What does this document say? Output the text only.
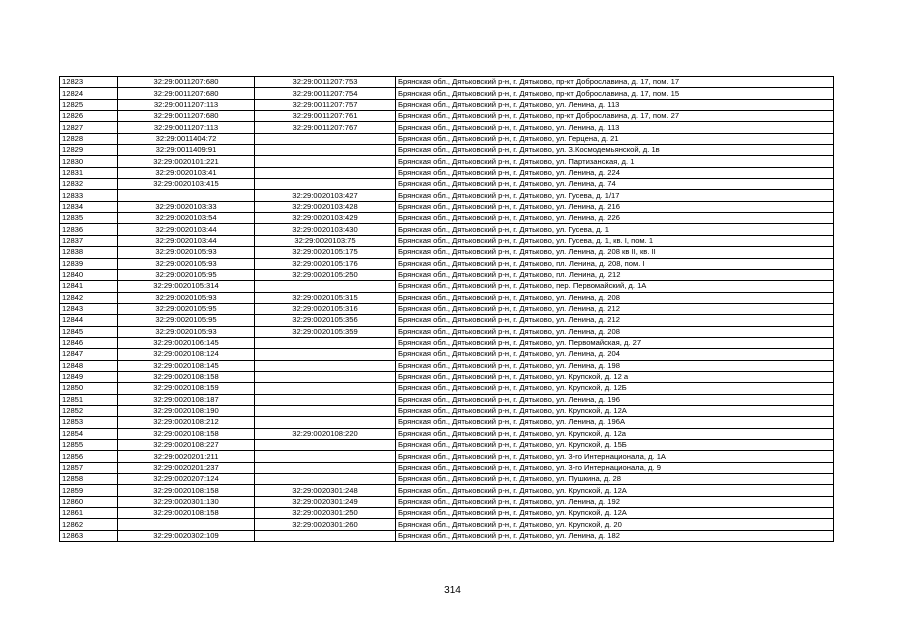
12823	32:29:0011207:680	32:29:0011207:753	Брянская обл., Дятьковский р-н, г. Дятьково, пр-кт Доброславина, д. 17, пом. 17
12824	32:29:0011207:680	32:29:0011207:754	Брянская обл., Дятьковский р-н, г. Дятьково, пр-кт Доброславина, д. 17, пом. 15
12825	32:29:0011207:113	32:29:0011207:757	Брянская обл., Дятьковский р-н, г. Дятьково, ул. Ленина, д. 113
12826	32:29:0011207:680	32:29:0011207:761	Брянская обл., Дятьковский р-н, г. Дятьково, пр-кт Доброславина, д. 17, пом. 27
12827	32:29:0011207:113	32:29:0011207:767	Брянская обл., Дятьковский р-н, г. Дятьково, ул. Ленина, д. 113
12828	32:29:0011404:72		Брянская обл., Дятьковский р-н, г. Дятьково, ул. Герцена, д. 21
12829	32:29:0011409:91		Брянская обл., Дятьковский р-н, г. Дятьково, ул. З.Космодемьянской, д. 1в
12830	32:29:0020101:221		Брянская обл., Дятьковский р-н, г. Дятьково, ул. Партизанская, д. 1
12831	32:29:0020103:41		Брянская обл., Дятьковский р-н, г. Дятьково, ул. Ленина, д. 224
12832	32:29:0020103:415		Брянская обл., Дятьковский р-н, г. Дятьково, ул. Ленина, д. 74
12833		32:29:0020103:427	Брянская обл., Дятьковский р-н, г. Дятьково, ул. Гусева, д. 1/17
12834	32:29:0020103:33	32:29:0020103:428	Брянская обл., Дятьковский р-н, г. Дятьково, ул. Ленина, д. 216
12835	32:29:0020103:54	32:29:0020103:429	Брянская обл., Дятьковский р-н, г. Дятьково, ул. Ленина, д. 226
12836	32:29:0020103:44	32:29:0020103:430	Брянская обл., Дятьковский р-н, г. Дятьково, ул. Гусева, д. 1
12837	32:29:0020103:44	32:29:0020103:75	Брянская обл., Дятьковский р-н, г. Дятьково, ул. Гусева, д. 1, кв. I, пом. 1
12838	32:29:0020105:93	32:29:0020105:175	Брянская обл., Дятьковский р-н, г. Дятьково, ул. Ленина, д. 208 кв II, кв. II
12839	32:29:0020105:93	32:29:0020105:176	Брянская обл., Дятьковский р-н, г. Дятьково, пл. Ленина, д. 208, пом. I
12840	32:29:0020105:95	32:29:0020105:250	Брянская обл., Дятьковский р-н, г. Дятьково, пл. Ленина, д. 212
12841	32:29:0020105:314		Брянская обл., Дятьковский р-н, г. Дятьково, пер. Первомайский, д. 1А
12842	32:29:0020105:93	32:29:0020105:315	Брянская обл., Дятьковский р-н, г. Дятьково, ул. Ленина, д. 208
12843	32:29:0020105:95	32:29:0020105:316	Брянская обл., Дятьковский р-н, г. Дятьково, ул. Ленина, д. 212
12844	32:29:0020105:95	32:29:0020105:356	Брянская обл., Дятьковский р-н, г. Дятьково, ул. Ленина, д. 212
12845	32:29:0020105:93	32:29:0020105:359	Брянская обл., Дятьковский р-н, г. Дятьково, ул. Ленина, д. 208
12846	32:29:0020106:145		Брянская обл., Дятьковский р-н, г. Дятьково, ул. Первомайская, д. 27
12847	32:29:0020108:124		Брянская обл., Дятьковский р-н, г. Дятьково, ул. Ленина, д. 204
12848	32:29:0020108:145		Брянская обл., Дятьковский р-н, г. Дятьково, ул. Ленина, д. 198
12849	32:29:0020108:158		Брянская обл., Дятьковский р-н, г. Дятьково, ул. Крупской, д. 12 а
12850	32:29:0020108:159		Брянская обл., Дятьковский р-н, г. Дятьково, ул. Крупской, д. 12Б
12851	32:29:0020108:187		Брянская обл., Дятьковский р-н, г. Дятьково, ул. Ленина, д. 196
12852	32:29:0020108:190		Брянская обл., Дятьковский р-н, г. Дятьково, ул. Крупской, д. 12А
12853	32:29:0020108:212		Брянская обл., Дятьковский р-н, г. Дятьково, ул. Ленина, д. 196А
12854	32:29:0020108:158	32:29:0020108:220	Брянская обл., Дятьковский р-н, г. Дятьково, ул. Крупской, д. 12а
12855	32:29:0020108:227		Брянская обл., Дятьковский р-н, г. Дятьково, ул. Крупской, д. 15Б
12856	32:29:0020201:211		Брянская обл., Дятьковский р-н, г. Дятьково, ул. 3-го Интернационала, д. 1А
12857	32:29:0020201:237		Брянская обл., Дятьковский р-н, г. Дятьково, ул. 3-го Интернационала, д. 9
12858	32:29:0020207:124		Брянская обл., Дятьковский р-н, г. Дятьково, ул. Пушкина, д. 28
12859	32:29:0020108:158	32:29:0020301:248	Брянская обл., Дятьковский р-н, г. Дятьково, ул. Крупской, д. 12А
12860	32:29:0020301:130	32:29:0020301:249	Брянская обл., Дятьковский р-н, г. Дятьково, ул. Ленина, д. 192
12861	32:29:0020108:158	32:29:0020301:250	Брянская обл., Дятьковский р-н, г. Дятьково, ул. Крупской, д. 12А
12862		32:29:0020301:260	Брянская обл., Дятьковский р-н, г. Дятьково, ул. Крупской, д. 20
12863	32:29:0020302:109		Брянская обл., Дятьковский р-н, г. Дятьково, ул. Ленина, д. 182
314
